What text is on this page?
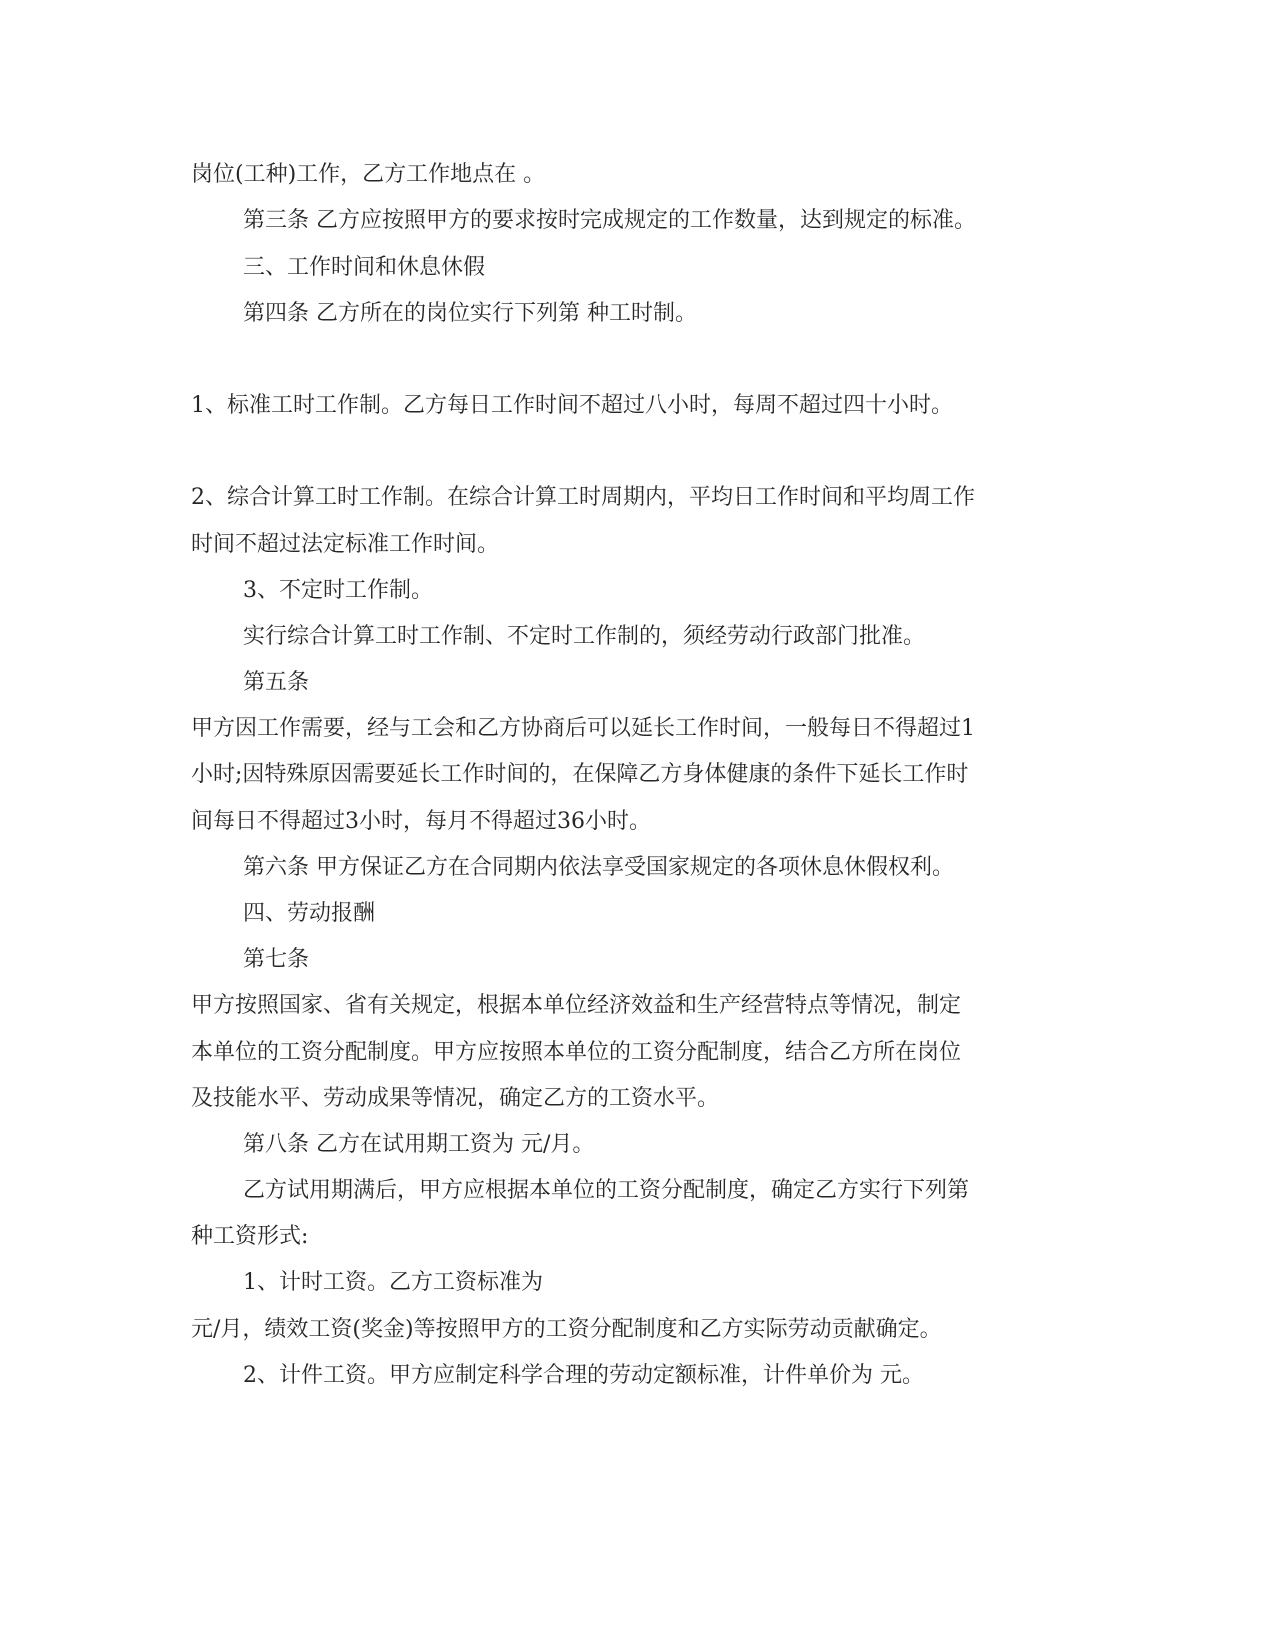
岗位(工种)工作，乙方工作地点在 。

第三条 乙方应按照甲方的要求按时完成规定的工作数量，达到规定的标准。

三、工作时间和休息休假

第四条 乙方所在的岗位实行下列第 种工时制。

1、标准工时工作制。乙方每日工作时间不超过八小时，每周不超过四十小时。

2、综合计算工时工作制。在综合计算工时周期内，平均日工作时间和平均周工作

时间不超过法定标准工作时间。

3、不定时工作制。

实行综合计算工时工作制、不定时工作制的，须经劳动行政部门批准。

第五条

甲方因工作需要，经与工会和乙方协商后可以延长工作时间，一般每日不得超过1

小时;因特殊原因需要延长工作时间的，在保障乙方身体健康的条件下延长工作时

间每日不得超过3小时，每月不得超过36小时。

第六条 甲方保证乙方在合同期内依法享受国家规定的各项休息休假权利。

四、劳动报酬

第七条

甲方按照国家、省有关规定，根据本单位经济效益和生产经营特点等情况，制定

本单位的工资分配制度。甲方应按照本单位的工资分配制度，结合乙方所在岗位

及技能水平、劳动成果等情况，确定乙方的工资水平。

第八条 乙方在试用期工资为 元/月。

乙方试用期满后，甲方应根据本单位的工资分配制度，确定乙方实行下列第

种工资形式:

1、计时工资。乙方工资标准为

元/月，绩效工资(奖金)等按照甲方的工资分配制度和乙方实际劳动贡献确定。

2、计件工资。甲方应制定科学合理的劳动定额标准，计件单价为 元。
